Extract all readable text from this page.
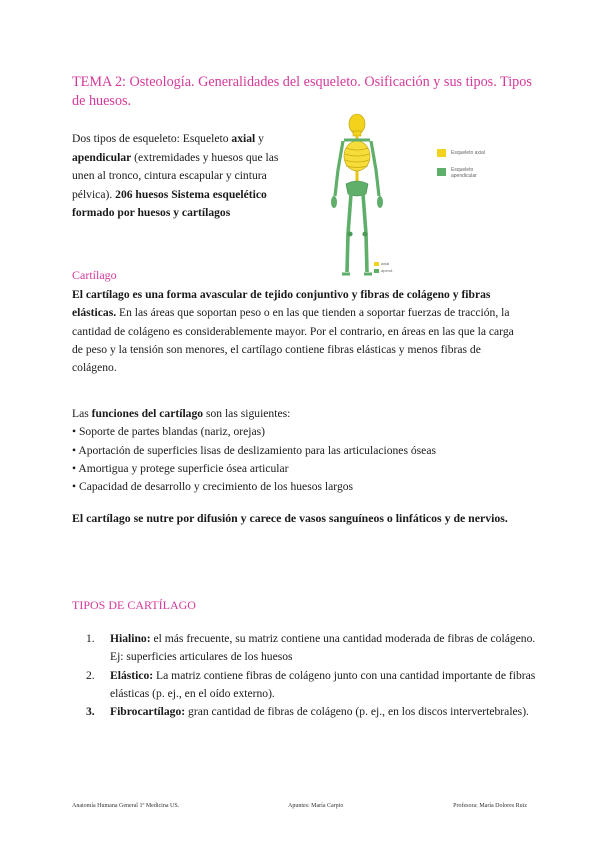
TEMA 2: Osteología. Generalidades del esqueleto. Osificación y sus tipos. Tipos de huesos.
Dos tipos de esqueleto: Esqueleto axial y apendicular (extremidades y huesos que las unen al tronco, cintura escapular y cintura pélvica). 206 huesos Sistema esquelético formado por huesos y cartílagos
Esqueleto axial
Esqueleto apendicular
axial
apend.
Cartílago
El cartílago es una forma avascular de tejido conjuntivo y fibras de colágeno y fibras elásticas. En las áreas que soportan peso o en las que tienden a soportar fuerzas de tracción, la cantidad de colágeno es considerablemente mayor. Por el contrario, en áreas en las que la carga de peso y la tensión son menores, el cartílago contiene fibras elásticas y menos fibras de colágeno.
Las funciones del cartílago son las siguientes:
• Soporte de partes blandas (nariz, orejas)
• Aportación de superficies lisas de deslizamiento para las articulaciones óseas
• Amortigua y protege superficie ósea articular
• Capacidad de desarrollo y crecimiento de los huesos largos
El cartílago se nutre por difusión y carece de vasos sanguíneos o linfáticos y de nervios.
TIPOS DE CARTÍLAGO
1. Hialino: el más frecuente, su matriz contiene una cantidad moderada de fibras de colágeno. Ej: superficies articulares de los huesos
2. Elástico: La matriz contiene fibras de colágeno junto con una cantidad importante de fibras elásticas (p. ej., en el oído externo).
3. Fibrocartílago: gran cantidad de fibras de colágeno (p. ej., en los discos intervertebrales).
Anatomía Humana General 1º Medicina US.	Apuntes: María Carpio	Profesora: María Dolores Ruiz
